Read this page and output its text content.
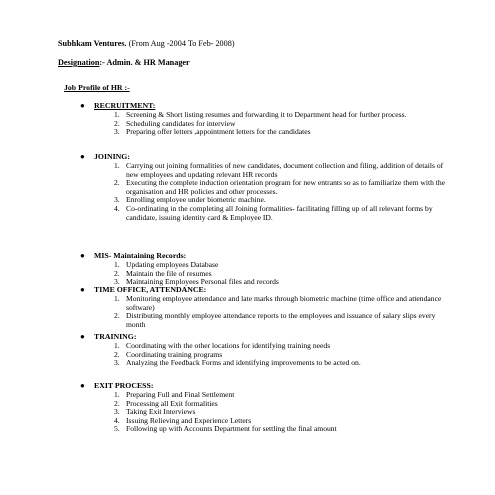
Subhkam Ventures. (From Aug -2004 To Feb- 2008)
Designation:- Admin. & HR Manager
Job Profile of HR :-
● RECRUITMENT:
1. Screening & Short listing resumes and forwarding it to Department head for further process.
2. Scheduling candidates for interview
3. Preparing offer letters ,appointment letters for the candidates
● JOINING:
1. Carrying out joining formalities of new candidates, document collection and filing, addition of details of new employees and updating relevant HR records
2. Executing the complete induction orientation program for new entrants so as to familiarize them with the organisation and HR policies and other processes.
3. Enrolling employee under biometric machine.
4. Co-ordinating in the completing all Joining formalities- facilitating filling up of all relevant forms by candidate, issuing identity card & Employee ID.
● MIS- Maintaining Records:
1. Updating employees Database
2. Maintain the file of resumes
3. Maintaining Employees Personal files and records
● TIME OFFICE, ATTENDANCE:
1. Monitoring employee attendance and late marks through biometric machine (time office and attendance software)
2. Distributing monthly employee attendance reports to the employees and issuance of salary slips every month
● TRAINING:
1. Coordinating with the other locations for identifying training needs
2. Coordinating training programs
3. Analyzing the Feedback Forms and identifying improvements to be acted on.
● EXIT PROCESS:
1. Preparing Full and Final Settlement
2. Processing all Exit formalities
3. Taking Exit Interviews
4. Issuing Relieving and Experience Letters
5. Following up with Accounts Department for settling the final amount
